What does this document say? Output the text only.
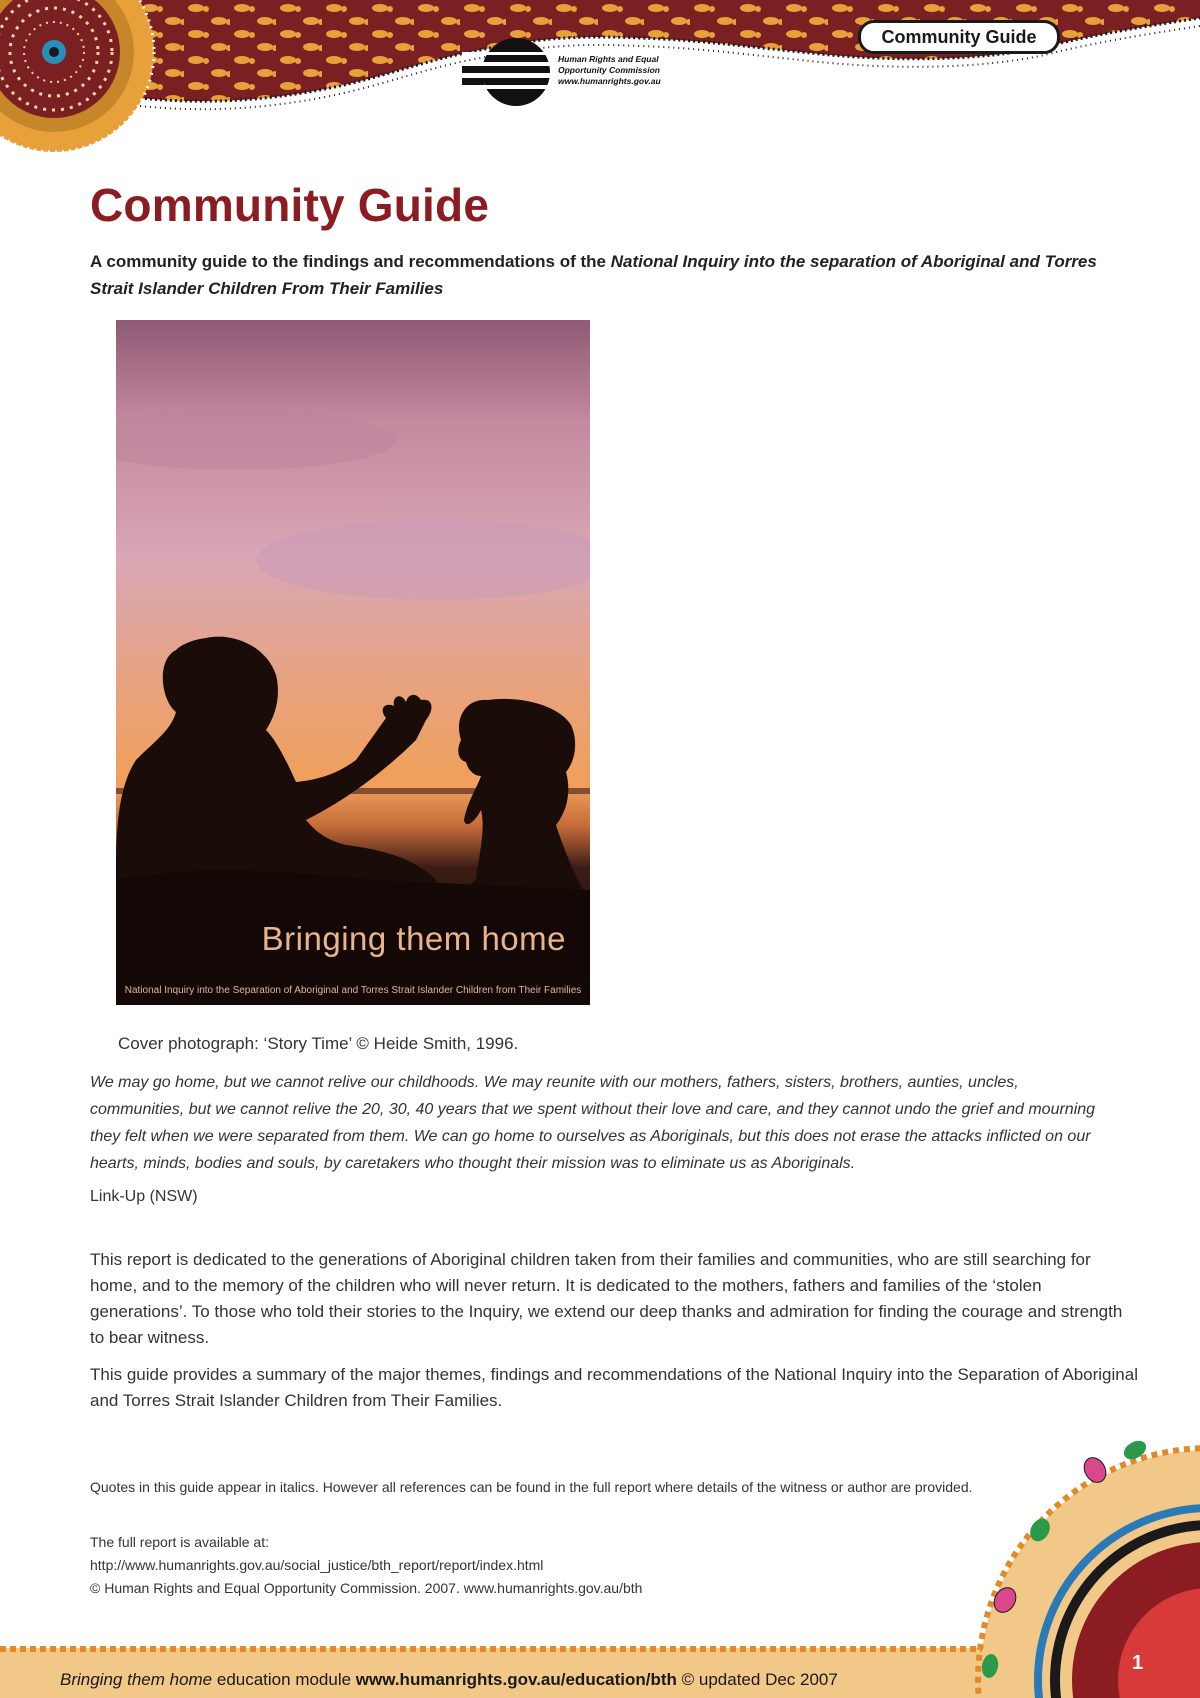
Community Guide
Human Rights and Equal
Opportunity Commission
www.humanrights.gov.au
Community Guide

A community guide to the findings and recommendations of the National Inquiry into the separation of Aboriginal and Torres Strait Islander Children From Their Families

Bringing them home
National Inquiry into the Separation of Aboriginal and Torres Strait Islander Children from Their Families

Cover photograph: ‘Story Time’ © Heide Smith, 1996.

We may go home, but we cannot relive our childhoods. We may reunite with our mothers, fathers, sisters, brothers, aunties, uncles, communities, but we cannot relive the 20, 30, 40 years that we spent without their love and care, and they cannot undo the grief and mourning they felt when we were separated from them. We can go home to ourselves as Aboriginals, but this does not erase the attacks inflicted on our hearts, minds, bodies and souls, by caretakers who thought their mission was to eliminate us as Aboriginals.

Link-Up (NSW)

This report is dedicated to the generations of Aboriginal children taken from their families and communities, who are still searching for home, and to the memory of the children who will never return. It is dedicated to the mothers, fathers and families of the ‘stolen generations’. To those who told their stories to the Inquiry, we extend our deep thanks and admiration for finding the courage and strength to bear witness.

This guide provides a summary of the major themes, findings and recommendations of the National Inquiry into the Separation of Aboriginal and Torres Strait Islander Children from Their Families.

Quotes in this guide appear in italics. However all references can be found in the full report where details of the witness or author are provided.

The full report is available at:
http://www.humanrights.gov.au/social_justice/bth_report/report/index.html
© Human Rights and Equal Opportunity Commission. 2007. www.humanrights.gov.au/bth

Bringing them home education module www.humanrights.gov.au/education/bth © updated Dec 2007

1
